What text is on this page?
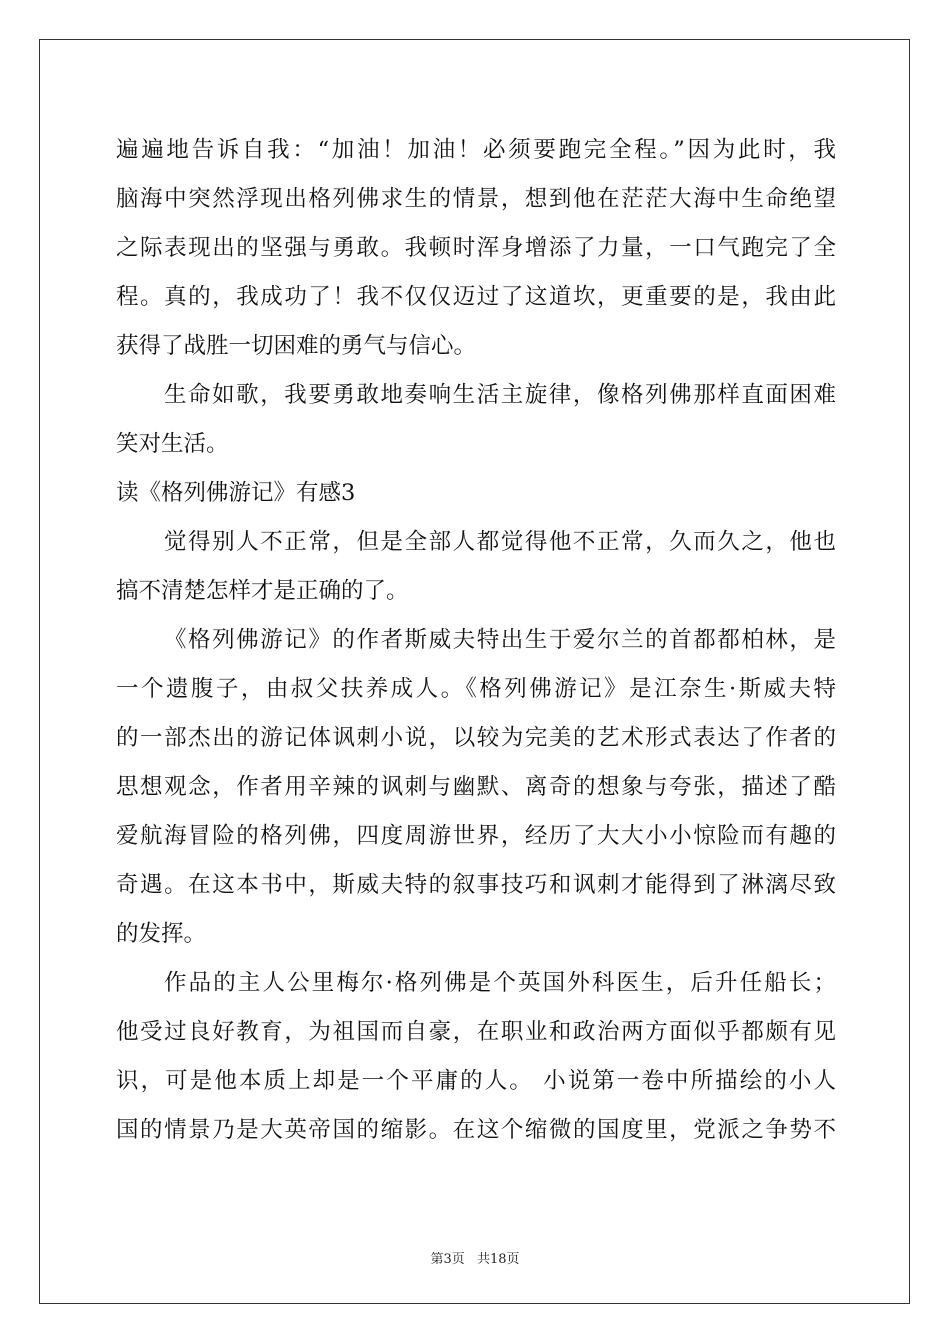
遍遍地告诉自我：“加油！加油！必须要跑完全程。”因为此时，我
脑海中突然浮现出格列佛求生的情景，想到他在茫茫大海中生命绝望
之际表现出的坚强与勇敢。我顿时浑身增添了力量，一口气跑完了全
程。真的，我成功了！我不仅仅迈过了这道坎，更重要的是，我由此
获得了战胜一切困难的勇气与信心。
生命如歌，我要勇敢地奏响生活主旋律，像格列佛那样直面困难
笑对生活。
读《格列佛游记》有感3
觉得别人不正常，但是全部人都觉得他不正常，久而久之，他也
搞不清楚怎样才是正确的了。
《格列佛游记》的作者斯威夫特出生于爱尔兰的首都都柏林，是
一个遗腹子，由叔父扶养成人。《格列佛游记》是江奈生·斯威夫特
的一部杰出的游记体讽刺小说，以较为完美的艺术形式表达了作者的
思想观念，作者用辛辣的讽刺与幽默、离奇的想象与夸张，描述了酷
爱航海冒险的格列佛，四度周游世界，经历了大大小小惊险而有趣的
奇遇。在这本书中，斯威夫特的叙事技巧和讽刺才能得到了淋漓尽致
的发挥。
作品的主人公里梅尔·格列佛是个英国外科医生，后升任船长；
他受过良好教育，为祖国而自豪，在职业和政治两方面似乎都颇有见
识，可是他本质上却是一个平庸的人。 小说第一卷中所描绘的小人
国的情景乃是大英帝国的缩影。在这个缩微的国度里，党派之争势不
第3页 共18页
